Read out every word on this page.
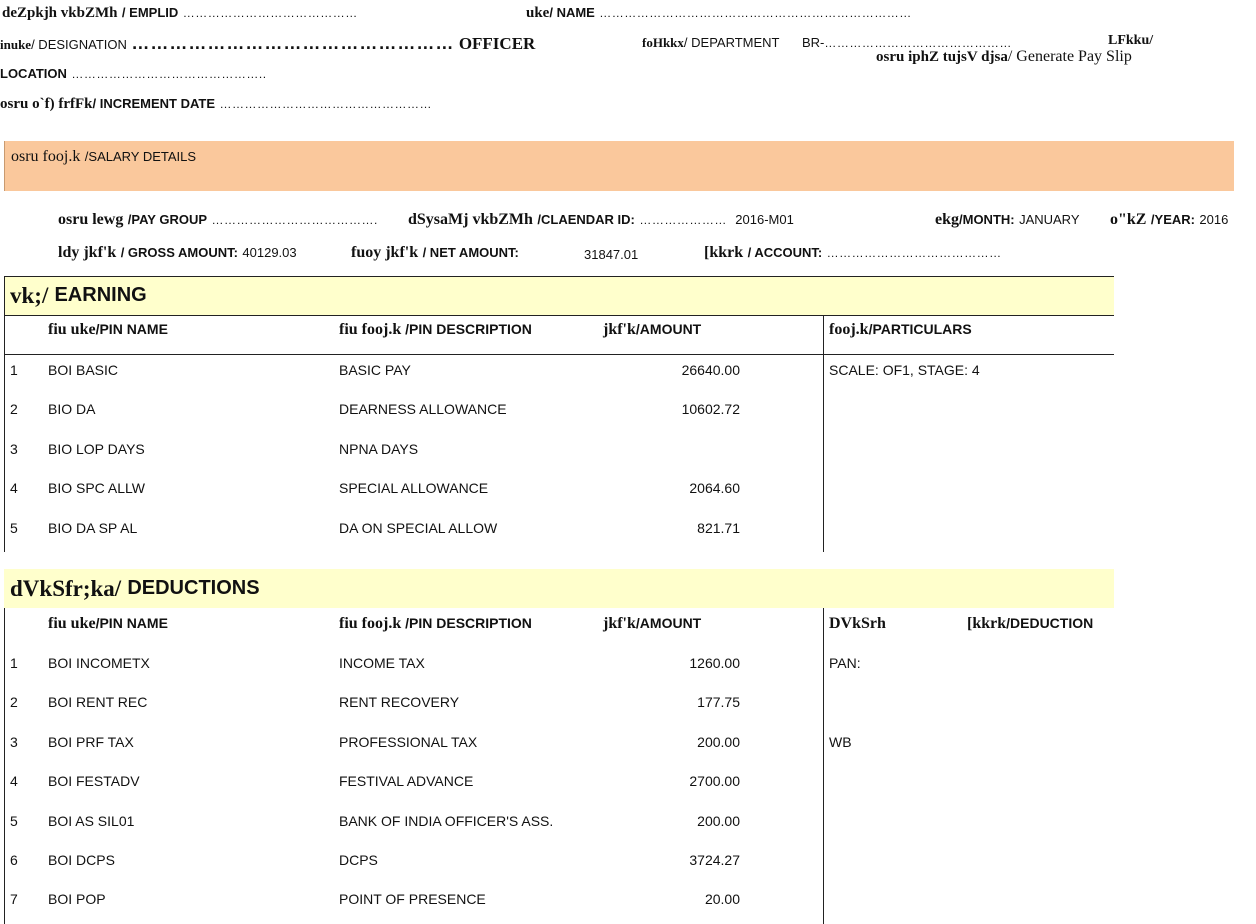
deZpkjh vkbZMh / EMPLID ……………………………………	uke/ NAME …………………………………………………………………
inuke/ DESIGNATION …………………………………………… OFFICER	foHkkx/ DEPARTMENT BR-………………………………………	LFkku/
osru iphZ tujsV djsa/ Generate Pay Slip
LOCATION ………………………………………..
osru o`f) frfFk/ INCREMENT DATE ……………………………………………
osru fooj.k /SALARY DETAILS
osru lewg /PAY GROUP …………………………………. dSysaMj vkbZMh /CLAENDAR ID: ………………… 2016-M01	ekg/MONTH: JANUARY o"kZ /YEAR: 2016
ldy jkf'k / GROSS AMOUNT: 40129.03	fuoy jkf'k / NET AMOUNT:	31847.01	[kkrk / ACCOUNT: ……………………………………
vk;/
EARNING
fiu uke/PIN NAME	fiu fooj.k /PIN DESCRIPTION	jkf'k/AMOUNT	fooj.k/PARTICULARS
1 BOI BASIC	BASIC PAY	26640.00	SCALE: OF1, STAGE: 4
2 BIO DA	DEARNESS ALLOWANCE	10602.72
3 BIO LOP DAYS	NPNA DAYS
4 BIO SPC ALLW	SPECIAL ALLOWANCE	2064.60
5 BIO DA SP AL	DA ON SPECIAL ALLOW	821.71
dVkSfr;ka/
DEDUCTIONS
fiu uke/PIN NAME	fiu fooj.k /PIN DESCRIPTION	jkf'k/AMOUNT	DVkSrh	[kkrk/DEDUCTION
1 BOI INCOMETX	INCOME TAX	1260.00	PAN:
2 BOI RENT REC	RENT RECOVERY	177.75
3 BOI PRF TAX	PROFESSIONAL TAX	200.00	WB
4 BOI FESTADV	FESTIVAL ADVANCE	2700.00
5 BOI AS SIL01	BANK OF INDIA OFFICER'S ASS.	200.00
6 BOI DCPS	DCPS	3724.27
7 BOI POP	POINT OF PRESENCE	20.00
